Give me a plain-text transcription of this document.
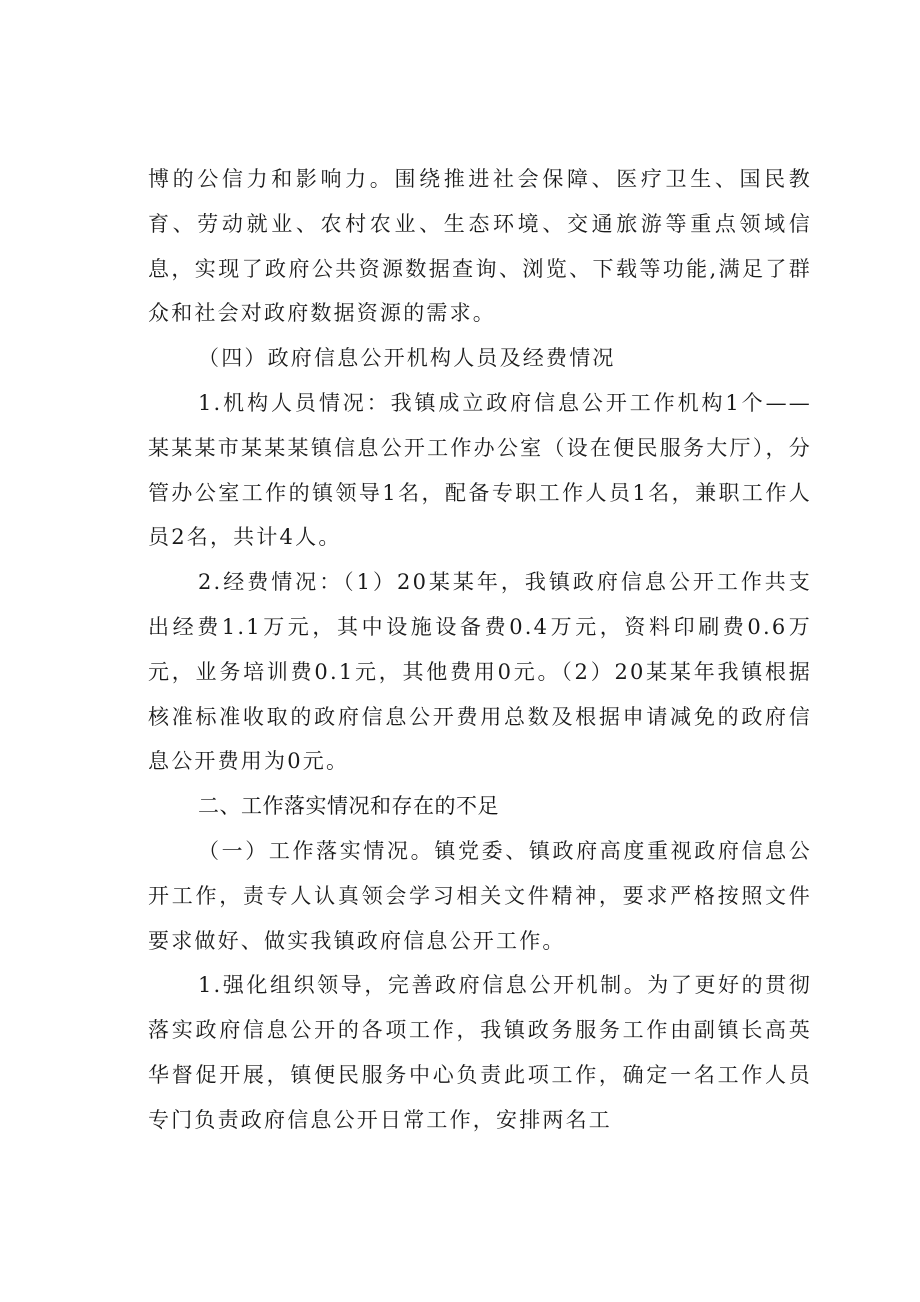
博的公信力和影响力。围绕推进社会保障、医疗卫生、国民教育、劳动就业、农村农业、生态环境、交通旅游等重点领域信息，实现了政府公共资源数据查询、浏览、下载等功能,满足了群众和社会对政府数据资源的需求。

（四）政府信息公开机构人员及经费情况

1.机构人员情况：我镇成立政府信息公开工作机构1个——某某某市某某某镇信息公开工作办公室（设在便民服务大厅），分管办公室工作的镇领导1名，配备专职工作人员1名，兼职工作人员2名，共计4人。

2.经费情况：（1）20某某年，我镇政府信息公开工作共支出经费1.1万元，其中设施设备费0.4万元，资料印刷费0.6万元，业务培训费0.1元，其他费用0元。（2）20某某年我镇根据核准标准收取的政府信息公开费用总数及根据申请减免的政府信息公开费用为0元。

二、工作落实情况和存在的不足

（一）工作落实情况。镇党委、镇政府高度重视政府信息公开工作，责专人认真领会学习相关文件精神，要求严格按照文件要求做好、做实我镇政府信息公开工作。

1.强化组织领导，完善政府信息公开机制。为了更好的贯彻落实政府信息公开的各项工作，我镇政务服务工作由副镇长高英华督促开展，镇便民服务中心负责此项工作，确定一名工作人员专门负责政府信息公开日常工作，安排两名工
